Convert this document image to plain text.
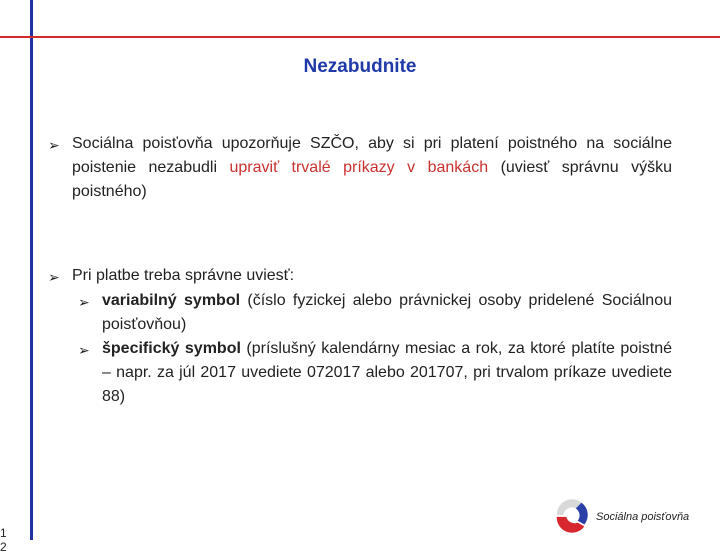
Nezabudnite
➢ Sociálna poisťovňa upozorňuje SZČO, aby si pri platení poistného na sociálne poistenie nezabudli upraviť trvalé príkazy v bankách (uviesť správnu výšku poistného)
➢ Pri platbe treba správne uviesť:
➢ variabilný symbol (číslo fyzickej alebo právnickej osoby pridelené Sociálnou poisťovňou)
➢ špecifický symbol (príslušný kalendárny mesiac a rok, za ktoré platíte poistné – napr. za júl 2017 uvediete 072017 alebo 201707, pri trvalom príkaze uvediete 88)
1
2
Sociálna poisťovňa
